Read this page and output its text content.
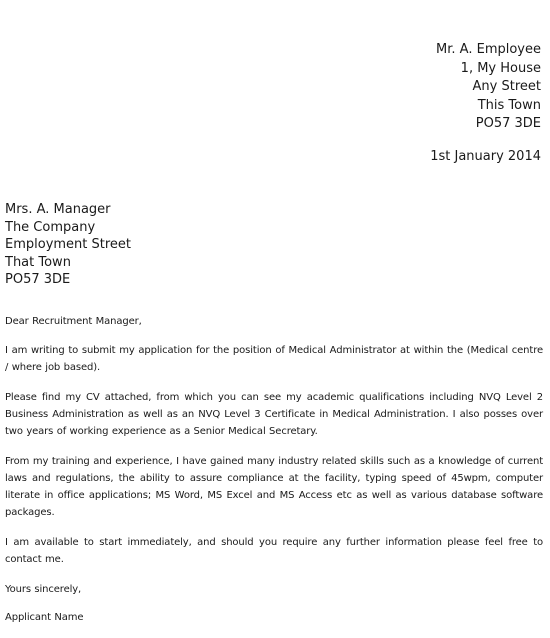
Mr. A. Employee
1, My House
Any Street
This Town
PO57 3DE
1st January 2014
Mrs. A. Manager
The Company
Employment Street
That Town
PO57 3DE

Dear Recruitment Manager,

I am writing to submit my application for the position of Medical Administrator at within the (Medical centre / where job based).

Please find my CV attached, from which you can see my academic qualifications including NVQ Level 2 Business Administration as well as an NVQ Level 3 Certificate in Medical Administration. I also posses over two years of working experience as a Senior Medical Secretary.

From my training and experience, I have gained many industry related skills such as a knowledge of current laws and regulations, the ability to assure compliance at the facility, typing speed of 45wpm, computer literate in office applications; MS Word, MS Excel and MS Access etc as well as various database software packages.

I am available to start immediately, and should you require any further information please feel free to contact me.

Yours sincerely,

Applicant Name
